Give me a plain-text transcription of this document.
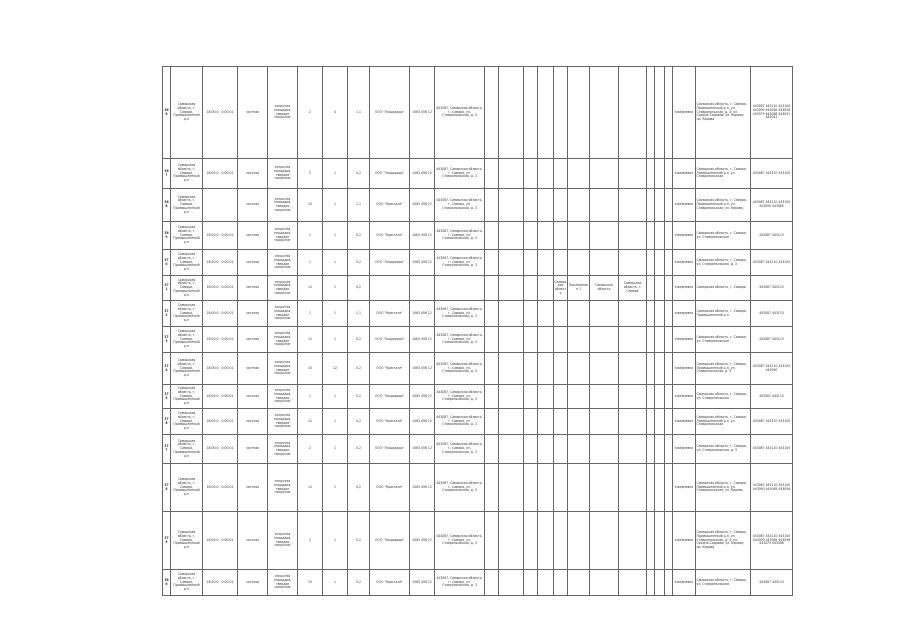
366	Самарская область, г. Самара, Промышленный р-н	18:00:0 : 0:00:01	частная	открытая площадка, твердое покрытие	2	4	1,1	ООО "Эльдорадо"	1063 456 12	443087, Самарская область, г. Самара, ул. Ставропольская, д. 3												ежедневно	Самарская область, г. Самара, Промышленный р-н, ул. Ставропольская, д. 3; ул. Средне-Садовая; ул. Кирова; пр. Кирова	443087 443110 443100 443090 443065 443056 443079 443086 443051 443041
367	Самарская область, г. Самара, Промышленный р-н	18:00:0 : 0:00:01	частная	открытая площадка, твердое покрытие	2	1	0,2	ООО "Эльдорадо"	1063 456 12	443087, Самарская область, г. Самара, ул. Ставропольская, д. 3												ежедневно	Самарская область, г. Самара, Промышленный р-н, ул. Ставропольская	443087 443110 443100
368	Самарская область, г. Самара, Промышленный р-н		частная	открытая площадка, твердое покрытие	10	1	1,1	ООО "Кристалл"	1063 456 12	443087, Самарская область, г. Самара, ул. Ставропольская, д. 3												ежедневно	Самарская область, г. Самара, Промышленный р-н, ул. Ставропольская; ул. Кирова	443087 443110 443100 443090 443065
369	Самарская область, г. Самара, Промышленный р-н	18:00:0 : 0:00:01	частная	открытая площадка, твердое покрытие	1	1	0,2	ООО "Кристалл"	1063 456 12	443087, Самарская область, г. Самара, ул. Ставропольская, д. 3												ежедневно	Самарская область, г. Самара, ул. Ставропольская	443087 443110
370	Самарская область, г. Самара, Промышленный р-н	18:00:0 : 0:00:01	частная	открытая площадка, твердое покрытие	1	1	0,2	ООО "Эльдорадо"	1063 456 12	443087, Самарская область, г. Самара, ул. Ставропольская, д. 3												ежедневно	Самарская область, г. Самара, ул. Ставропольская, д. 3	443087 443110 443100
371	Самарская область, г. Самара, Промышленный р-н	18:00:0 : 0:00:01	частная	открытая площадка, твердое покрытие	12	1	0,2								Самарская область	Приложение 1	Самарская область	Самарская область, г. Самара				ежедневно	Самарская область, г. Самара	443087 443110
372	Самарская область, г. Самара, Промышленный р-н	18:00:0 : 0:00:01	частная	открытая площадка, твердое покрытие	1	1	1,1	ООО "Кристалл"	1063 456 12	443087, Самарская область, г. Самара, ул. Ставропольская, д. 3												ежедневно	Самарская область, г. Самара, Промышленный р-н	443087 443110
373	Самарская область, г. Самара, Промышленный р-н	18:00:0 : 0:00:01	частная	открытая площадка, твердое покрытие	12	1	0,2	ООО "Эльдорадо"	1063 456 12	443087, Самарская область, г. Самара, ул. Ставропольская, д. 3												ежедневно	Самарская область, г. Самара, ул. Ставропольская	443087 443110
374	Самарская область, г. Самара, Промышленный р-н	18:00:0 : 0:00:01	частная	открытая площадка, твердое покрытие	10	12	0,2	ООО "Кристалл"	1063 456 12	443087, Самарская область, г. Самара, ул. Ставропольская, д. 3												ежедневно	Самарская область, г. Самара, Промышленный р-н, ул. Ставропольская, д. 3	443087 443110 443100 443090
375	Самарская область, г. Самара, Промышленный р-н	18:00:0 : 0:00:01	частная	открытая площадка, твердое покрытие	1	1	0,2	ООО "Эльдорадо"	1063 456 12	443087, Самарская область, г. Самара, ул. Ставропольская, д. 3												ежедневно	Самарская область, г. Самара, ул. Ставропольская	443087 443110
376	Самарская область, г. Самара, Промышленный р-н	18:00:0 : 0:00:01	частная	открытая площадка, твердое покрытие	12	1	0,2	ООО "Кристалл"	1063 456 12	443087, Самарская область, г. Самара, ул. Ставропольская, д. 3												ежедневно	Самарская область, г. Самара, Промышленный р-н, ул. Ставропольская	443087 443110 443100
377	Самарская область, г. Самара, Промышленный р-н	18:00:0 : 0:00:01	частная	открытая площадка, твердое покрытие	2	1	0,2	ООО "Эльдорадо"	1063 456 12	443087, Самарская область, г. Самара, ул. Ставропольская, д. 3												ежедневно	Самарская область, г. Самара, ул. Ставропольская, д. 3	443087 443110 443100
378	Самарская область, г. Самара, Промышленный р-н	18:00:0 : 0:00:01	частная	открытая площадка, твердое покрытие	12	1	0,2	ООО "Кристалл"	1063 456 12	443087, Самарская область, г. Самара, ул. Ставропольская, д. 3												ежедневно	Самарская область, г. Самара, Промышленный р-н, ул. Ставропольская; ул. Кирова	443087 443110 443100 443090 443065 443056
379	Самарская область, г. Самара, Промышленный р-н	18:00:0 : 0:00:01	частная	открытая площадка, твердое покрытие	2	1	0,2	ООО "Эльдорадо"	1063 456 12	443087, Самарская область, г. Самара, ул. Ставропольская, д. 3												ежедневно	Самарская область, г. Самара, Промышленный р-н, ул. Ставропольская, д. 3; ул. Средне-Садовая; ул. Кирова; пр. Кирова	443087 443110 443100 443090 443065 443056 443079 443086
380	Самарская область, г. Самара, Промышленный р-н	18:00:0 : 0:00:01	частная	открытая площадка, твердое покрытие	10	1	0,2	ООО "Кристалл"	1063 456 12	443087, Самарская область, г. Самара, ул. Ставропольская, д. 3												ежедневно	Самарская область, г. Самара, ул. Ставропольская	443087 443110
